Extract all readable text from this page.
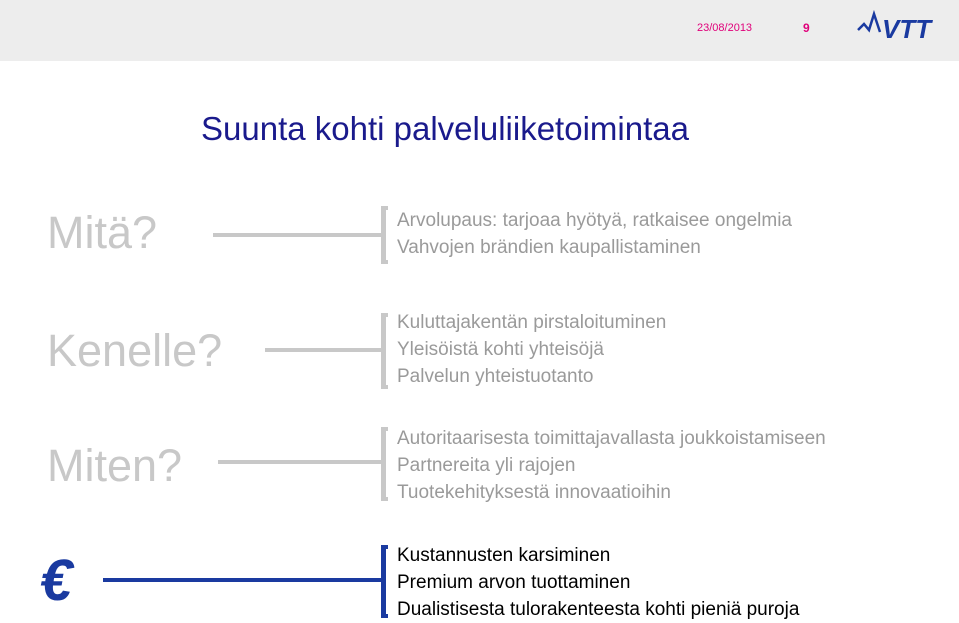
23/08/2013	9	VTT
Suunta kohti palveluliiketoimintaa
Mitä?	Arvolupaus: tarjoaa hyötyä, ratkaisee ongelmia
Vahvojen brändien kaupallistaminen
Kenelle?
Kuluttajakentän pirstaloituminen
Yleisöistä kohti yhteisöjä
Palvelun yhteistuotanto
Miten?
Autoritaarisesta toimittajavallasta joukkoistamiseen
Partnereita yli rajojen
Tuotekehityksestä innovaatioihin
€	Kustannusten karsiminen
Premium arvon tuottaminen
Dualistisesta tulorakenteesta kohti pieniä puroja
